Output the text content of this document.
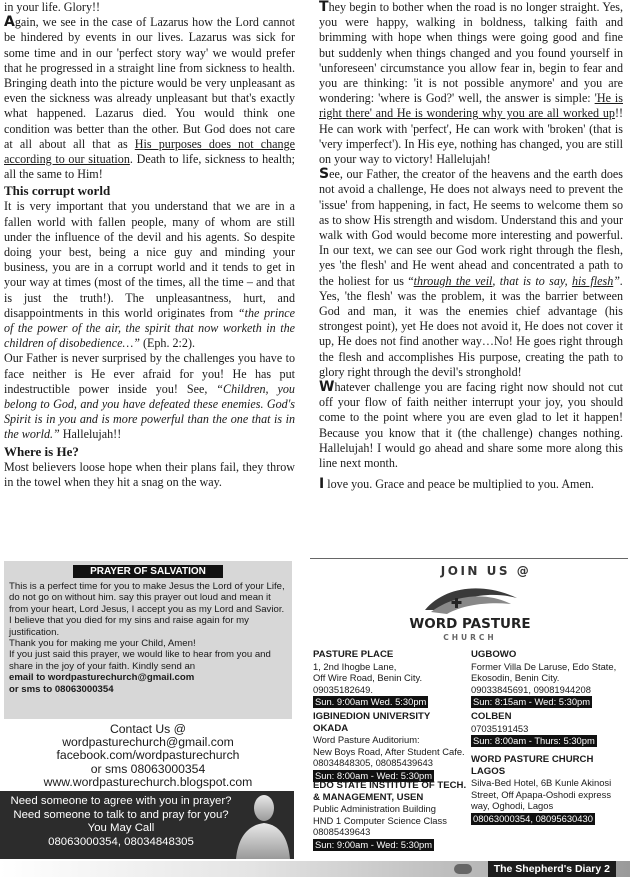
in your life. Glory!!

Again, we see in the case of Lazarus how the Lord cannot be hindered by events in our lives. Lazarus was sick for some time and in our 'perfect story way' we would prefer that he progressed in a straight line from sickness to health. Bringing death into the picture would be very unpleasant as even the sickness was already unpleasant but that's exactly what happened. Lazarus died. You would think one condition was better than the other. But God does not care at all about all that as His purposes does not change according to our situation. Death to life, sickness to health; all the same to Him!

This corrupt world

It is very important that you understand that we are in a fallen world with fallen people, many of whom are still under the influence of the devil and his agents. So despite doing your best, being a nice guy and minding your business, you are in a corrupt world and it tends to get in your way at times (most of the times, all the time – and that is just the truth!). The unpleasantness, hurt, and disappointments in this world originates from “the prince of the power of the air, the spirit that now worketh in the children of disobedience…” (Eph. 2:2).

Our Father is never surprised by the challenges you have to face neither is He ever afraid for you! He has put indestructible power inside you! See, “Children, you belong to God, and you have defeated these enemies. God's Spirit is in you and is more powerful than the one that is in the world.” Hallelujah!!

Where is He?

Most believers loose hope when their plans fail, they throw in the towel when they hit a snag on the way.

PRAYER OF SALVATION

This is a perfect time for you to make Jesus the Lord of your Life, do not go on without him. say this prayer out loud and mean it from your heart, Lord Jesus, I accept you as my Lord and Savior.

I believe that you died for my sins and raise again for my justification.

Thank you for making me your Child, Amen!

If you just said this prayer, we would like to hear from you and share in the joy of your faith. Kindly send an

email to wordpasturechurch@gmail.com

or sms to 08063000354

Contact Us @
wordpasturechurch@gmail.com
facebook.com/wordpasturechurch
or sms 08063000354
www.wordpasturechurch.blogspot.com
Need someone to agree with you in prayer?
Need someone to talk to and pray for you?
You May Call
08063000354, 08034848305

They begin to bother when the road is no longer straight. Yes, you were happy, walking in boldness, talking faith and brimming with hope when things were going good and fine but suddenly when things changed and you found yourself in 'unforeseen' circumstance you allow fear in, begin to fear and you are thinking: 'it is not possible anymore' and you are wondering: 'where is God?' well, the answer is simple: 'He is right there' and He is wondering why you are all worked up!! He can work with 'perfect', He can work with 'broken' (that is 'very imperfect'). In His eye, nothing has changed, you are still on your way to victory! Hallelujah!

See, our Father, the creator of the heavens and the earth does not avoid a challenge, He does not always need to prevent the 'issue' from happening, in fact, He seems to welcome them so as to show His strength and wisdom. Understand this and your walk with God would become more interesting and powerful. In our text, we can see our God work right through the flesh, yes 'the flesh' and He went ahead and concentrated a path to the holiest for us “through the veil, that is to say, his flesh”. Yes, 'the flesh' was the problem, it was the barrier between God and man, it was the enemies chief advantage (his strongest point), yet He does not avoid it, He does not cover it up, He does not find another way…No! He goes right through the flesh and accomplishes His purpose, creating the path to glory right through the devil's stronghold!

Whatever challenge you are facing right now should not cut off your flow of faith neither interrupt your joy, you should come to the point where you are even glad to let it happen! Because you know that it (the challenge) changes nothing. Hallelujah! I would go ahead and share some more along this line next month.

I love you. Grace and peace be multiplied to you. Amen.

JOIN US @
WORD PASTURE
CHURCH
PASTURE PLACE
1, 2nd Ihogbe Lane,
Off Wire Road, Benin City.
09035182649.
Sun. 9:00am Wed. 5:30pm
UGBOWO
Former Villa De Laruse, Edo State,
Ekosodin, Benin City.
09033845691, 09081944208
Sun: 8:15am - Wed: 5:30pm
IGBINEDION UNIVERSITY OKADA
Word Pasture Auditorium:
New Boys Road, After Student Cafe.
08034848305, 08085439643
Sun: 8:00am - Wed: 5:30pm
COLBEN
07035191453
Sun: 8:00am - Thurs: 5:30pm
EDO STATE INSTITUTE OF TECH. & MANAGEMENT, USEN
Public Administration Building
HND 1 Computer Science Class
08085439643
Sun: 9:00am - Wed: 5:30pm
WORD PASTURE CHURCH LAGOS
Silva-Bed Hotel, 6B Kunle Akinosi Street, Off Apapa-Oshodi express way, Oghodi, Lagos
08063000354, 08095630430
The Shepherd's Diary 2
